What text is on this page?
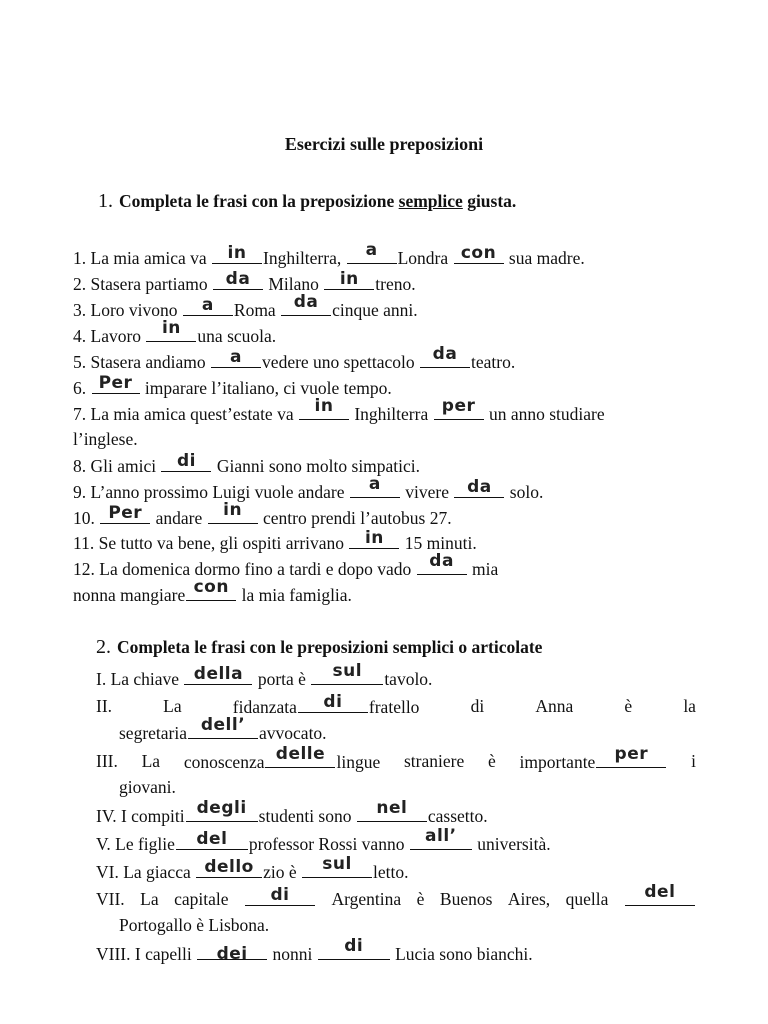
Esercizi sulle preposizioni
1. Completa le frasi con la preposizione semplice giusta.
1. La mia amica va	in Inghilterra,	a	Londra con sua madre.
2. Stasera partiamo	da	Milano	in treno.
3. Loro vivono	a	Roma	da cinque anni.
4. Lavoro	in una scuola.
5. Stasera andiamo	a	vedere uno spettacolo	da teatro.
6. Per imparare l’italiano, ci vuole tempo.
7. La mia amica quest’estate va	in	Inghilterra per un anno studiare
l’inglese.
8. Gli amici	di	Gianni sono molto simpatici.
9. L’anno prossimo Luigi vuole andare	a	vivere	da	solo.
10. Per andare	in	centro prendi l’autobus 27.
11. Se tutto va bene, gli ospiti arrivano	in	15 minuti.
12. La domenica dormo fino a tardi e dopo vado	da	mia
nonna mangiare con la mia famiglia.
2. Completa le frasi con le preposizioni semplici o articolate
I. La chiave della porta è	sul	tavolo.
II.	La	fidanzata	di	fratello	di	Anna	è	la
segretaria dell’ avvocato.
III. La conoscenza delle lingue straniere è importante	per	i
giovani.
IV. I compiti degli studenti sono	nel	cassetto.
V. Le figlie	del	professor Rossi vanno	all’	università.
VI. La giacca dello zio è	sul	letto.
VII. La capitale	di	Argentina è Buenos Aires, quella	del
Portogallo è Lisbona.
VIII. I capelli	dei	nonni	di	Lucia sono bianchi.
